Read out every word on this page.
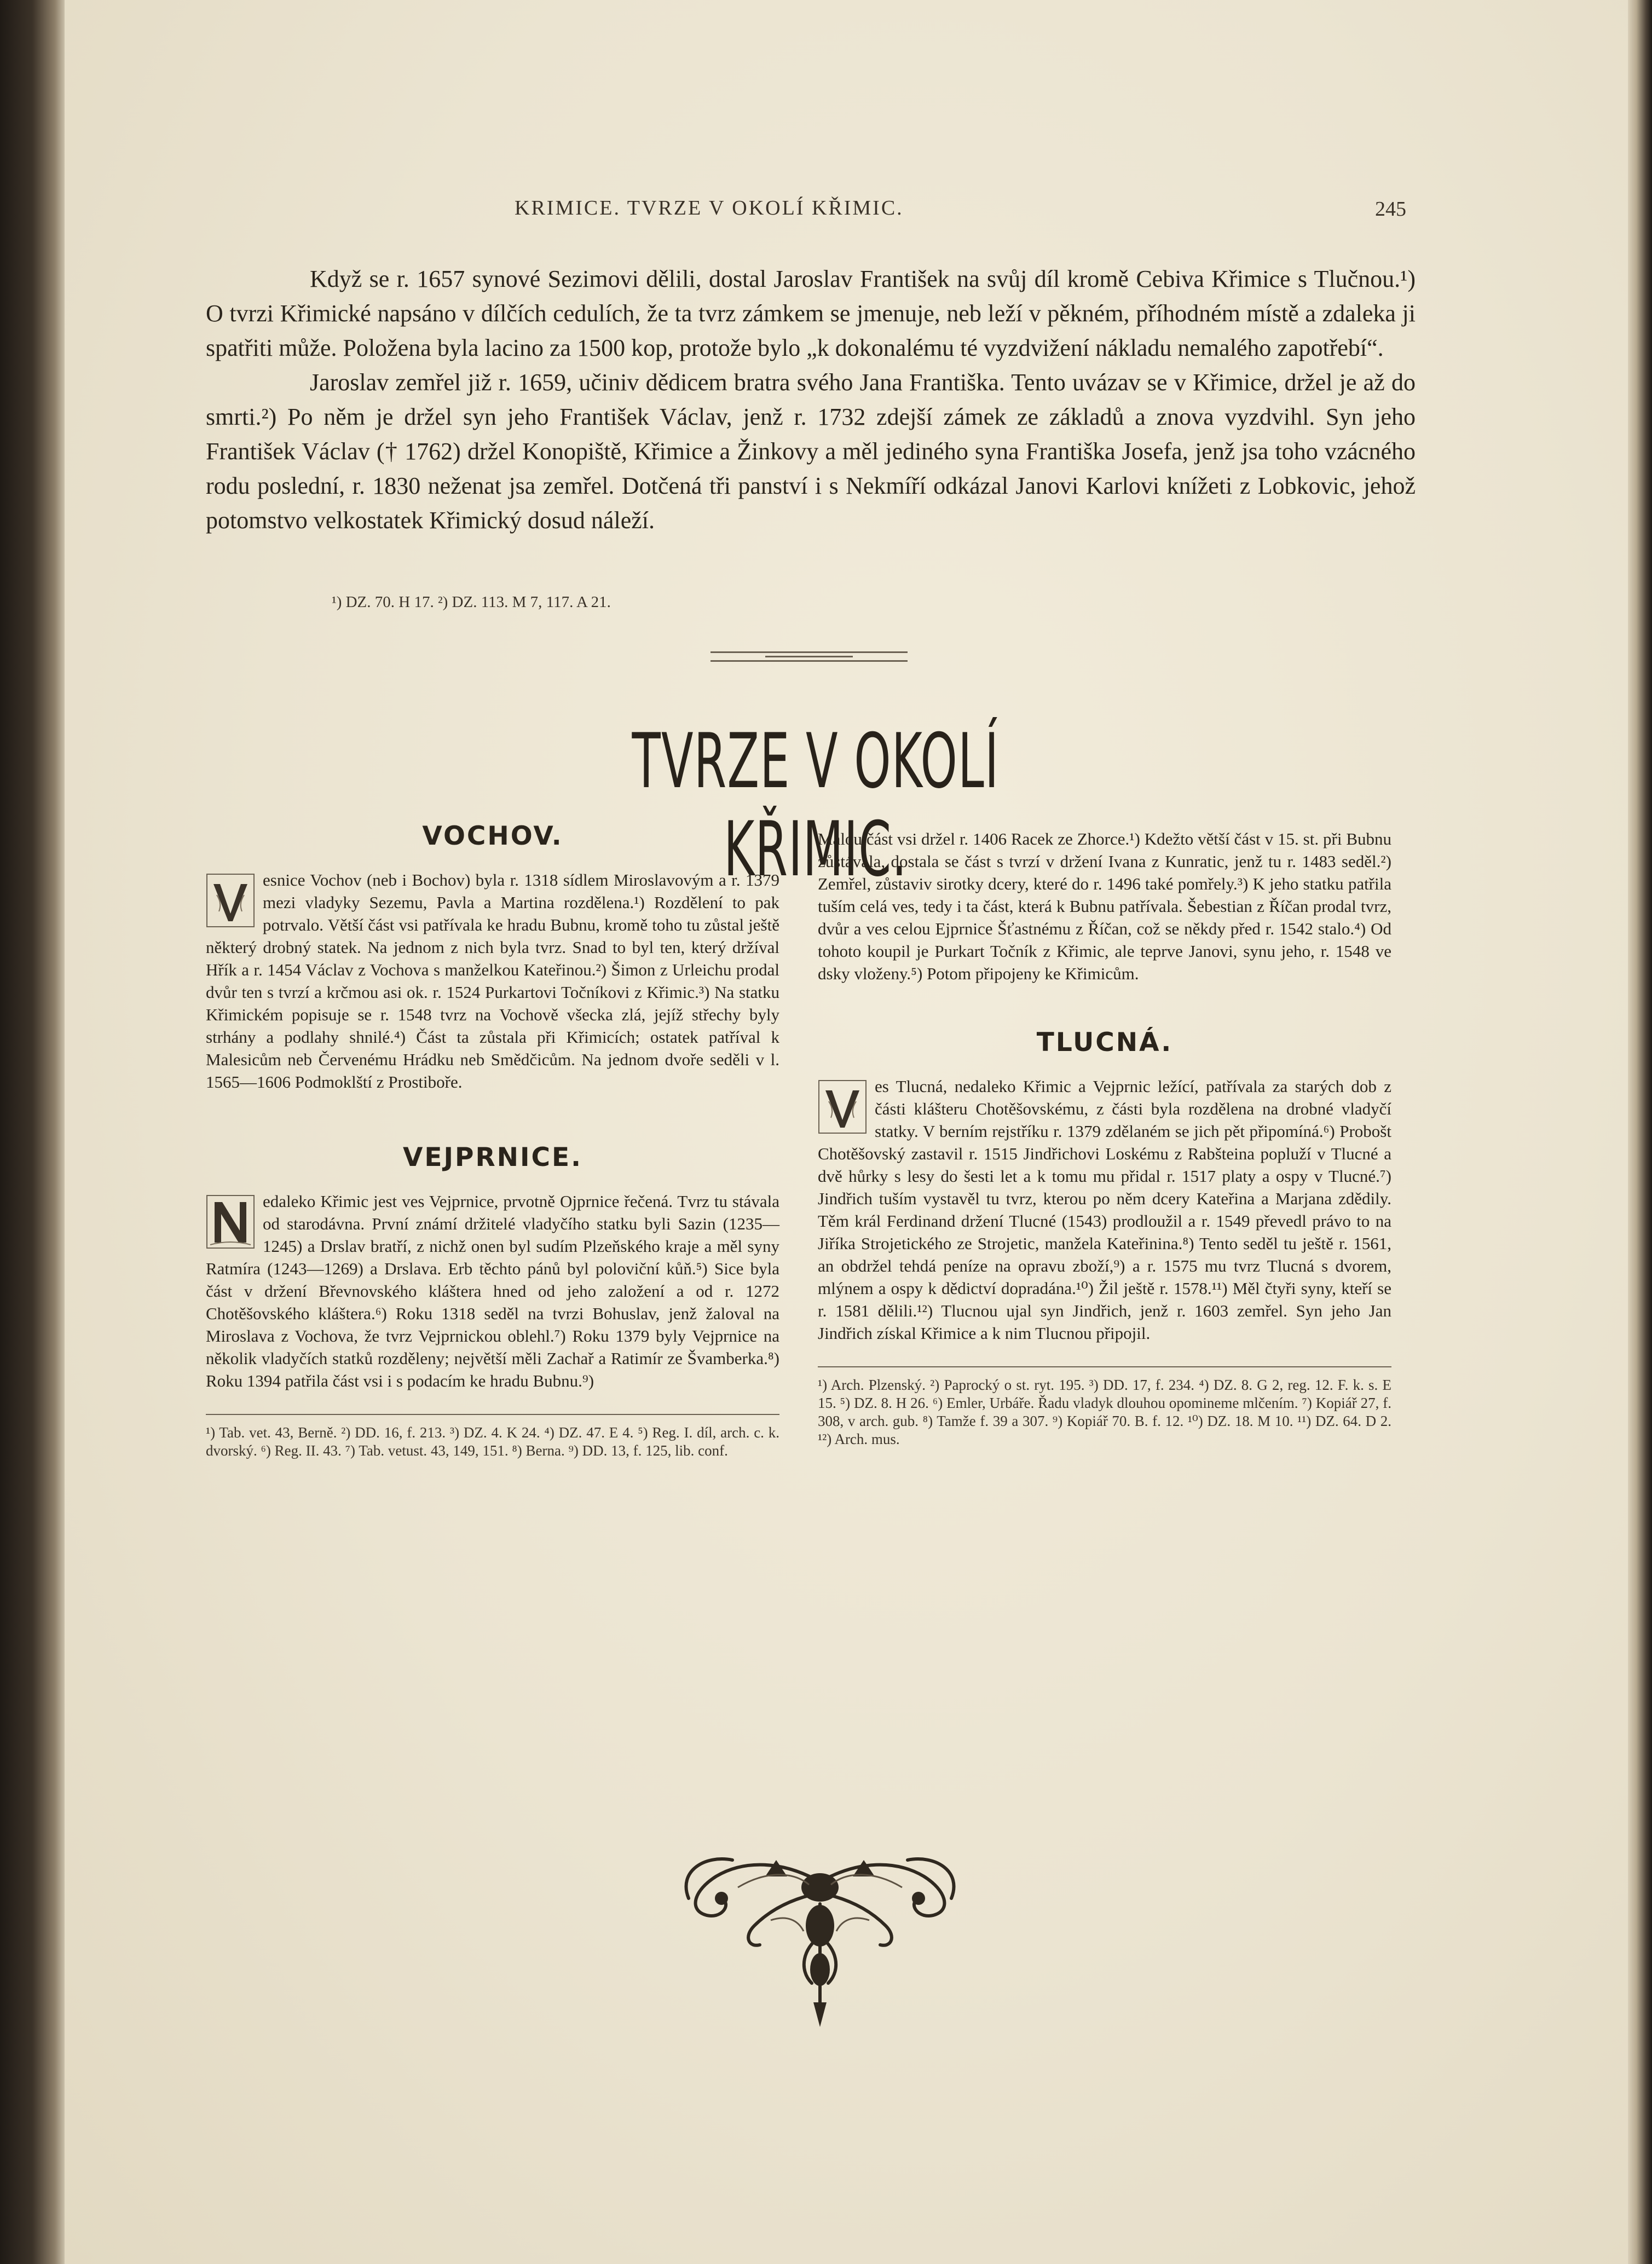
KRIMICE. TVRZE V OKOLÍ KŘIMIC.	245

Když se r. 1657 synové Sezimovi dělili, dostal Jaroslav František na svůj díl kromě Cebiva Křimice s Tlučnou.¹) O tvrzi Křimické napsáno v dílčích cedulích, že ta tvrz zámkem se jmenuje, neb leží v pěkném, příhodném místě a zdaleka ji spatřiti může. Položena byla lacino za 1500 kop, protože bylo „k dokonalému té vyzdvižení nákladu nemalého zapotřebí“.

Jaroslav zemřel již r. 1659, učiniv dědicem bratra svého Jana Františka. Tento uvázav se v Křimice, držel je až do smrti.²) Po něm je držel syn jeho František Václav, jenž r. 1732 zdejší zámek ze základů a znova vyzdvihl. Syn jeho František Václav († 1762) držel Konopiště, Křimice a Žinkovy a měl jediného syna Františka Josefa, jenž jsa toho vzácného rodu poslední, r. 1830 neženat jsa zemřel. Dotčená tři panství i s Nekmíří odkázal Janovi Karlovi knížeti z Lobkovic, jehož potomstvo velkostatek Křimický dosud náleží.

¹) DZ. 70. H 17. ²) DZ. 113. M 7, 117. A 21.
TVRZE V OKOLÍ KŘIMIC.
VOCHOV.

V
esnice Vochov (neb i Bochov) byla r. 1318 sídlem Miroslavovým a r. 1379 mezi vladyky Sezemu, Pavla a Martina rozdělena.¹) Rozdělení to pak potrvalo. Větší část vsi patřívala ke hradu Bubnu, kromě toho tu zůstal ještě některý drobný statek. Na jednom z nich byla tvrz. Snad to byl ten, který držíval Hřík a r. 1454 Václav z Vochova s manželkou Kateřinou.²) Šimon z Urleichu prodal dvůr ten s tvrzí a krčmou asi ok. r. 1524 Purkartovi Točníkovi z Křimic.³) Na statku Křimickém popisuje se r. 1548 tvrz na Vochově všecka zlá, jejíž střechy byly strhány a podlahy shnilé.⁴) Část ta zůstala při Křimicích; ostatek patříval k Malesicům neb Červenému Hrádku neb Smědčicům. Na jednom dvoře seděli v l. 1565—1606 Podmoklští z Prostiboře.

VEJPRNICE.

N
edaleko Křimic jest ves Vejprnice, prvotně Ojprnice řečená. Tvrz tu stávala od starodávna. První známí držitelé vladyčího statku byli Sazin (1235—1245) a Drslav bratří, z nichž onen byl sudím Plzeňského kraje a měl syny Ratmíra (1243—1269) a Drslava. Erb těchto pánů byl poloviční kůň.⁵) Sice byla část v držení Břevnovského kláštera hned od jeho založení a od r. 1272 Chotěšovského kláštera.⁶) Roku 1318 seděl na tvrzi Bohuslav, jenž žaloval na Miroslava z Vochova, že tvrz Vejprnickou oblehl.⁷) Roku 1379 byly Vejprnice na několik vladyčích statků rozděleny; největší měli Zachař a Ratimír ze Švamberka.⁸) Roku 1394 patřila část vsi i s podacím ke hradu Bubnu.⁹)

¹) Tab. vet. 43, Berně. ²) DD. 16, f. 213. ³) DZ. 4. K 24. ⁴) DZ. 47. E 4. ⁵) Reg. I. díl, arch. c. k. dvorský. ⁶) Reg. II. 43. ⁷) Tab. vetust. 43, 149, 151. ⁸) Berna. ⁹) DD. 13, f. 125, lib. conf.

Malou část vsi držel r. 1406 Racek ze Zhorce.¹) Kdežto větší část v 15. st. při Bubnu zůstávala, dostala se část s tvrzí v držení Ivana z Kunratic, jenž tu r. 1483 seděl.²) Zemřel, zůstaviv sirotky dcery, které do r. 1496 také pomřely.³) K jeho statku patřila tuším celá ves, tedy i ta část, která k Bubnu patřívala. Šebestian z Říčan prodal tvrz, dvůr a ves celou Ejprnice Šťastnému z Říčan, což se někdy před r. 1542 stalo.⁴) Od tohoto koupil je Purkart Točník z Křimic, ale teprve Janovi, synu jeho, r. 1548 ve dsky vloženy.⁵) Potom připojeny ke Křimicům.

TLUCNÁ.

V
es Tlucná, nedaleko Křimic a Vejprnic ležící, patřívala za starých dob z části klášteru Chotěšovskému, z části byla rozdělena na drobné vladyčí statky. V berním rejstříku r. 1379 zdělaném se jich pět připomíná.⁶) Probošt Chotěšovský zastavil r. 1515 Jindřichovi Loskému z Rabšteina popluží v Tlucné a dvě hůrky s lesy do šesti let a k tomu mu přidal r. 1517 platy a ospy v Tlucné.⁷) Jindřich tuším vystavěl tu tvrz, kterou po něm dcery Kateřina a Marjana zdědily. Těm král Ferdinand držení Tlucné (1543) prodloužil a r. 1549 převedl právo to na Jiříka Strojetického ze Strojetic, manžela Kateřinina.⁸) Tento seděl tu ještě r. 1561, an obdržel tehdá peníze na opravu zboží,⁹) a r. 1575 mu tvrz Tlucná s dvorem, mlýnem a ospy k dědictví dopradána.¹⁰) Žil ještě r. 1578.¹¹) Měl čtyři syny, kteří se r. 1581 dělili.¹²) Tlucnou ujal syn Jindřich, jenž r. 1603 zemřel. Syn jeho Jan Jindřich získal Křimice a k nim Tlucnou připojil.

¹) Arch. Plzenský. ²) Paprocký o st. ryt. 195. ³) DD. 17, f. 234. ⁴) DZ. 8. G 2, reg. 12. F. k. s. E 15. ⁵) DZ. 8. H 26. ⁶) Emler, Urbáře. Řadu vladyk dlouhou opomineme mlčením. ⁷) Kopiář 27, f. 308, v arch. gub. ⁸) Tamže f. 39 a 307. ⁹) Kopiář 70. B. f. 12. ¹⁰) DZ. 18. M 10. ¹¹) DZ. 64. D 2. ¹²) Arch. mus.
